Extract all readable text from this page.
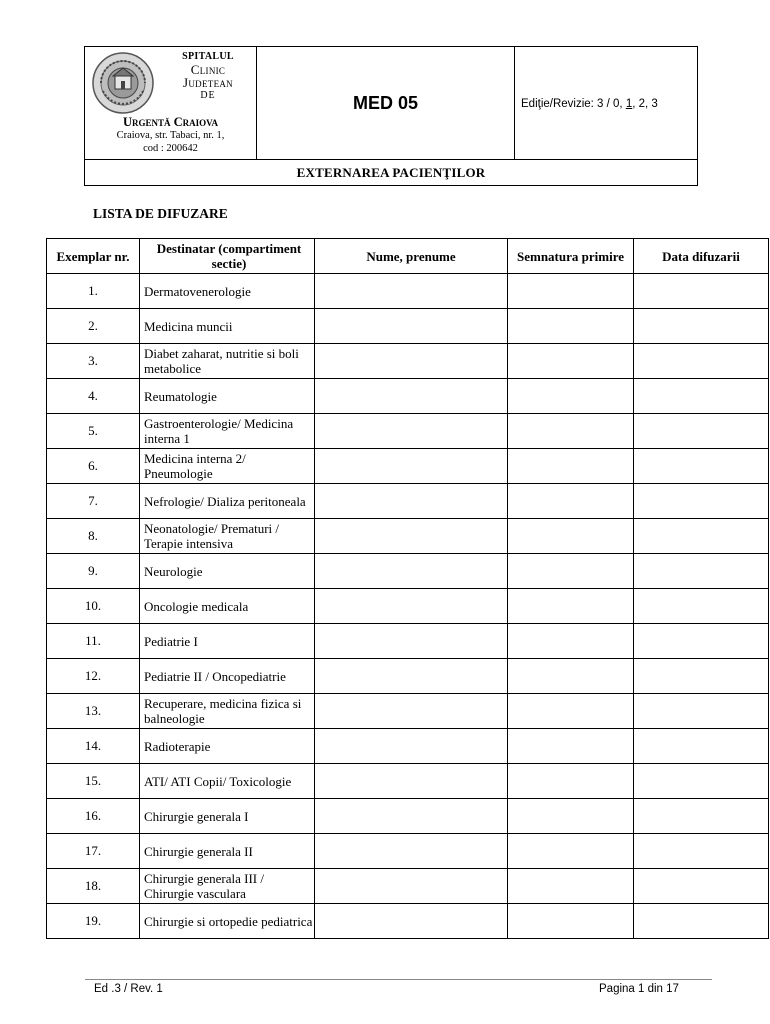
SPITALUL
Clinic
Judetean
DE
Urgentă Craiova
Craiova, str. Tabaci, nr. 1,
cod : 200642
	MED 05	Ediţie/Revizie: 3 / 0, 1, 2, 3
EXTERNAREA PACIENŢILOR
LISTA DE DIFUZARE
Exemplar nr.	Destinatar (compartiment sectie)	Nume, prenume	Semnatura primire	Data difuzarii
1.	Dermatovenerologie			
2.	Medicina muncii			
3.	Diabet zaharat, nutritie si boli metabolice			
4.	Reumatologie			
5.	Gastroenterologie/ Medicina interna 1			
6.	Medicina interna 2/ Pneumologie			
7.	Nefrologie/ Dializa peritoneala			
8.	Neonatologie/ Prematuri / Terapie intensiva			
9.	Neurologie			
10.	Oncologie medicala			
11.	Pediatrie I			
12.	Pediatrie II / Oncopediatrie			
13.	Recuperare, medicina fizica si balneologie			
14.	Radioterapie			
15.	ATI/ ATI Copii/ Toxicologie			
16.	Chirurgie generala I			
17.	Chirurgie generala II			
18.	Chirurgie generala III / Chirurgie vasculara			
19.	Chirurgie si ortopedie pediatrica			
Ed .3 / Rev. 1	Pagina 1 din 17
